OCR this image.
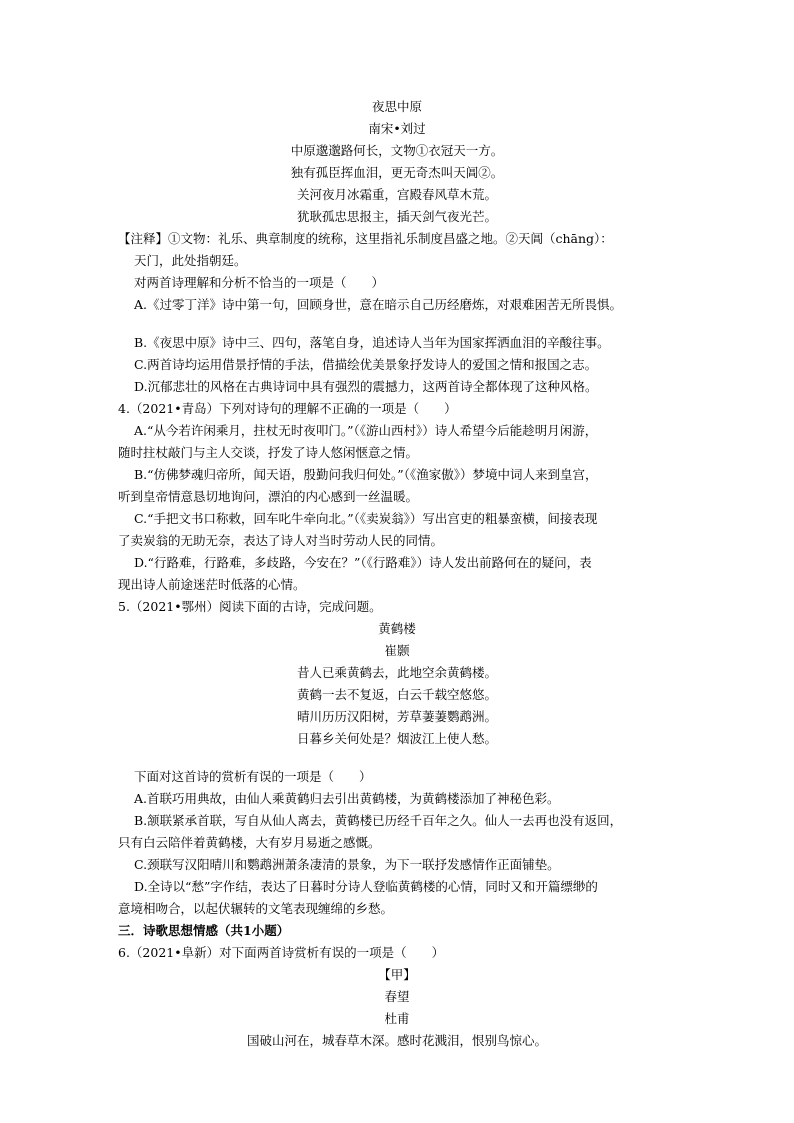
夜思中原
南宋•刘过
中原邈邈路何长，文物①衣冠天一方。
独有孤臣挥血泪，更无奇杰叫天阊②。
关河夜月冰霜重，宫殿春风草木荒。
犹耿孤忠思报主，插天剑气夜光芒。
【注释】①文物：礼乐、典章制度的统称，这里指礼乐制度昌盛之地。②天阊（chāng）：
天门，此处指朝廷。
对两首诗理解和分析不恰当的一项是（　　）
A.《过零丁洋》诗中第一句，回顾身世，意在暗示自己历经磨炼，对艰难困苦无所畏惧。
B.《夜思中原》诗中三、四句，落笔自身，追述诗人当年为国家挥洒血泪的辛酸往事。
C.两首诗均运用借景抒情的手法，借描绘优美景象抒发诗人的爱国之情和报国之志。
D.沉郁悲壮的风格在古典诗词中具有强烈的震撼力，这两首诗全都体现了这种风格。
4.（2021•青岛）下列对诗句的理解不正确的一项是（　　）
A.“从今若许闲乘月，拄杖无时夜叩门。”（《游山西村》）诗人希望今后能趁明月闲游，
随时拄杖敲门与主人交谈，抒发了诗人悠闲惬意之情。
B.“仿佛梦魂归帝所，闻天语，殷勤问我归何处。”（《渔家傲》）梦境中词人来到皇宫，
听到皇帝情意恳切地询问，漂泊的内心感到一丝温暖。
C.“手把文书口称敕，回车叱牛牵向北。”（《卖炭翁》）写出宫吏的粗暴蛮横，间接表现
了卖炭翁的无助无奈，表达了诗人对当时劳动人民的同情。
D.“行路难，行路难，多歧路，今安在？”（《行路难》）诗人发出前路何在的疑问，表
现出诗人前途迷茫时低落的心情。
5.（2021•鄂州）阅读下面的古诗，完成问题。
黄鹤楼
崔颢
昔人已乘黄鹤去，此地空余黄鹤楼。
黄鹤一去不复返，白云千载空悠悠。
晴川历历汉阳树，芳草萋萋鹦鹉洲。
日暮乡关何处是？烟波江上使人愁。
下面对这首诗的赏析有误的一项是（　　）
A.首联巧用典故，由仙人乘黄鹤归去引出黄鹤楼，为黄鹤楼添加了神秘色彩。
B.颔联紧承首联，写自从仙人离去，黄鹤楼已历经千百年之久。仙人一去再也没有返回，
只有白云陪伴着黄鹤楼，大有岁月易逝之感慨。
C.颈联写汉阳晴川和鹦鹉洲萧条凄清的景象，为下一联抒发感情作正面铺垫。
D.全诗以“愁”字作结，表达了日暮时分诗人登临黄鹤楼的心情，同时又和开篇缥缈的
意境相吻合，以起伏辗转的文笔表现缠绵的乡愁。
三．诗歌思想情感（共1小题）
6.（2021•阜新）对下面两首诗赏析有误的一项是（　　）
【甲】
春望
杜甫
国破山河在，城春草木深。感时花溅泪，恨别鸟惊心。
